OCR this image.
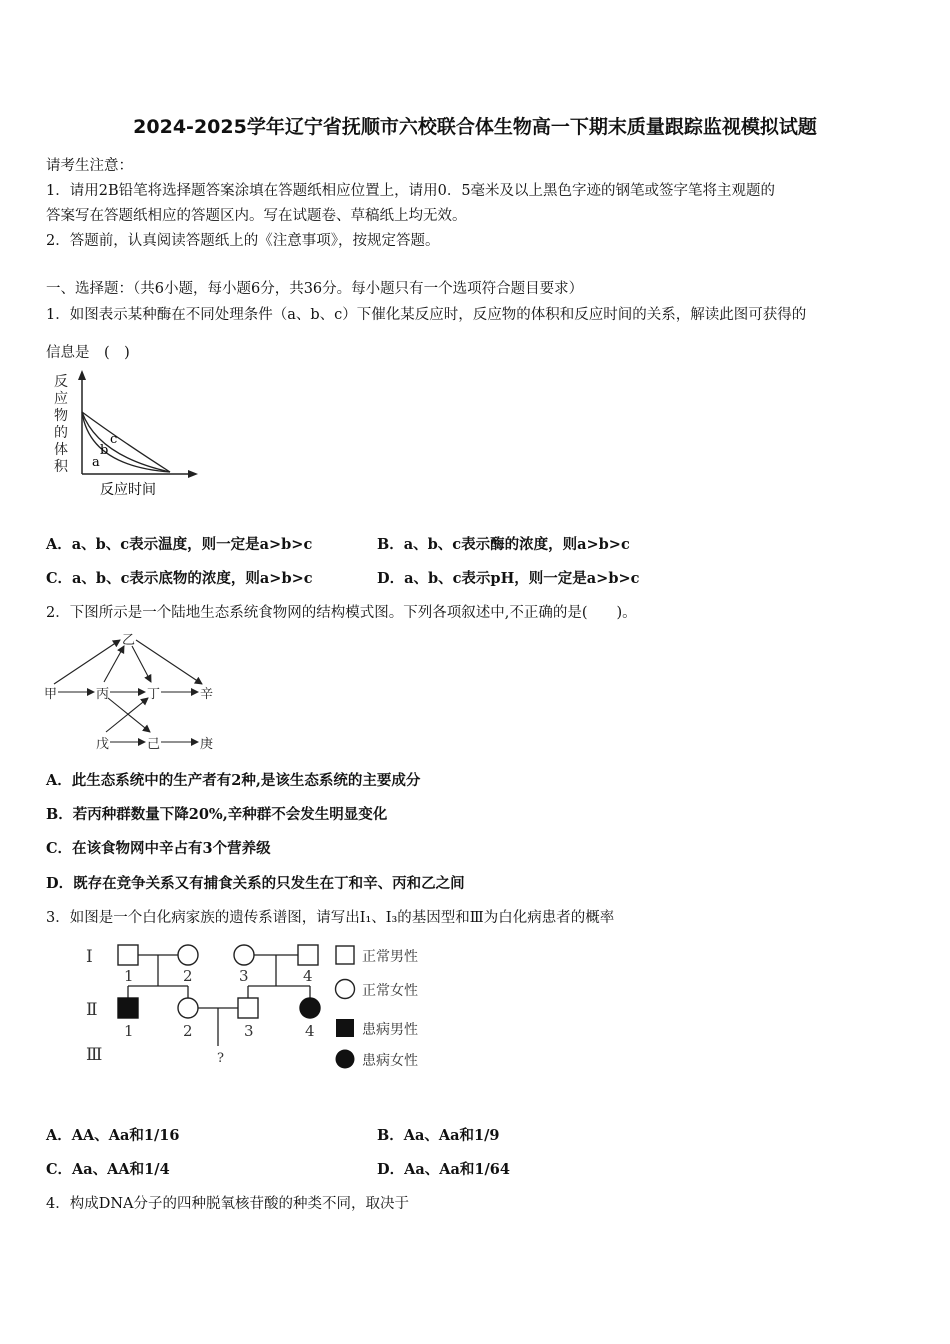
2024-2025学年辽宁省抚顺市六校联合体生物高一下期末质量跟踪监视模拟试题
请考生注意：
1．请用2B铅笔将选择题答案涂填在答题纸相应位置上，请用0．5毫米及以上黑色字迹的钢笔或签字笔将主观题的
答案写在答题纸相应的答题区内。写在试题卷、草稿纸上均无效。
2．答题前，认真阅读答题纸上的《注意事项》，按规定答题。
一、选择题：（共6小题，每小题6分，共36分。每小题只有一个选项符合题目要求）
1．如图表示某种酶在不同处理条件（a、b、c）下催化某反应时，反应物的体积和反应时间的关系，解读此图可获得的
信息是　(　)
反
应
物
的
体
积 a
b
c
反应时间
A．a、b、c表示温度，则一定是a>b>c	B．a、b、c表示酶的浓度，则a>b>c
C．a、b、c表示底物的浓度，则a>b>c	D．a、b、c表示pH，则一定是a>b>c
2．下图所示是一个陆地生态系统食物网的结构模式图。下列各项叙述中,不正确的是(　　)。
乙
甲	丙	丁	辛
戊	己	庚
A．此生态系统中的生产者有2种,是该生态系统的主要成分
B．若丙种群数量下降20%,辛种群不会发生明显变化
C．在该食物网中辛占有3个营养级
D．既存在竞争关系又有捕食关系的只发生在丁和辛、丙和乙之间
3．如图是一个白化病家族的遗传系谱图，请写出Ⅰ₁、Ⅰ₃的基因型和Ⅲ为白化病患者的概率
Ⅰ
Ⅱ
Ⅲ
1	2	3	4
1	2	3	4
?
正常男性
正常女性
患病男性
患病女性
A．AA、Aa和1/16	B．Aa、Aa和1/9
C．Aa、AA和1/4	D．Aa、Aa和1/64
4．构成DNA分子的四种脱氧核苷酸的种类不同，取决于
